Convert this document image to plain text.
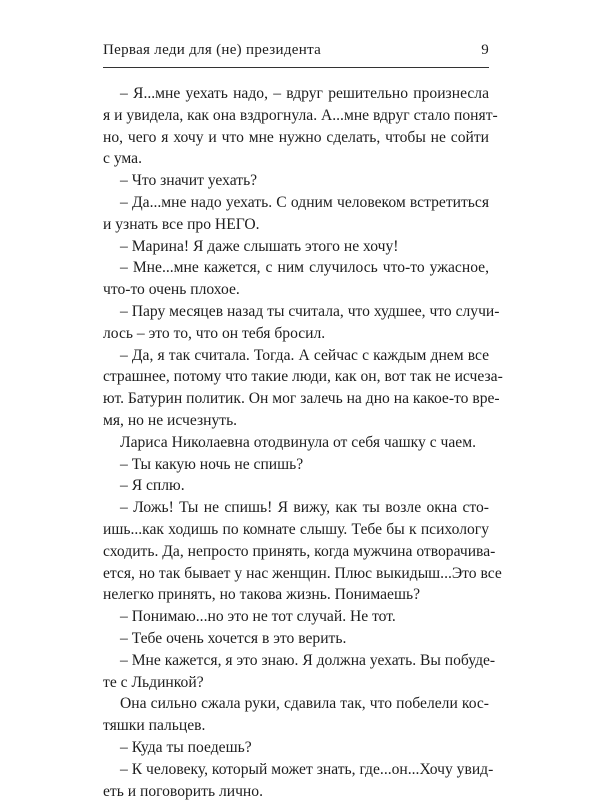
Первая леди для (не) президента	9
– Я...мне уехать надо, – вдруг решительно произнесла
я и увидела, как она вздрогнула. А...мне вдруг стало понят-
но, чего я хочу и что мне нужно сделать, чтобы не сойти
с ума.
– Что значит уехать?
– Да...мне надо уехать. С одним человеком встретиться
и узнать все про НЕГО.
– Марина! Я даже слышать этого не хочу!
– Мне...мне кажется, с ним случилось что-то ужасное,
что-то очень плохое.
– Пару месяцев назад ты считала, что худшее, что случи-
лось – это то, что он тебя бросил.
– Да, я так считала. Тогда. А сейчас с каждым днем все
страшнее, потому что такие люди, как он, вот так не исчеза-
ют. Батурин политик. Он мог залечь на дно на какое-то вре-
мя, но не исчезнуть.
Лариса Николаевна отодвинула от себя чашку с чаем.
– Ты какую ночь не спишь?
– Я сплю.
– Ложь! Ты не спишь! Я вижу, как ты возле окна сто-
ишь...как ходишь по комнате слышу. Тебе бы к психологу
сходить. Да, непросто принять, когда мужчина отворачива-
ется, но так бывает у нас женщин. Плюс выкидыш...Это все
нелегко принять, но такова жизнь. Понимаешь?
– Понимаю...но это не тот случай. Не тот.
– Тебе очень хочется в это верить.
– Мне кажется, я это знаю. Я должна уехать. Вы побуде-
те с Льдинкой?
Она сильно сжала руки, сдавила так, что побелели кос-
тяшки пальцев.
– Куда ты поедешь?
– К человеку, который может знать, где...он...Хочу увид-
еть и поговорить лично.
